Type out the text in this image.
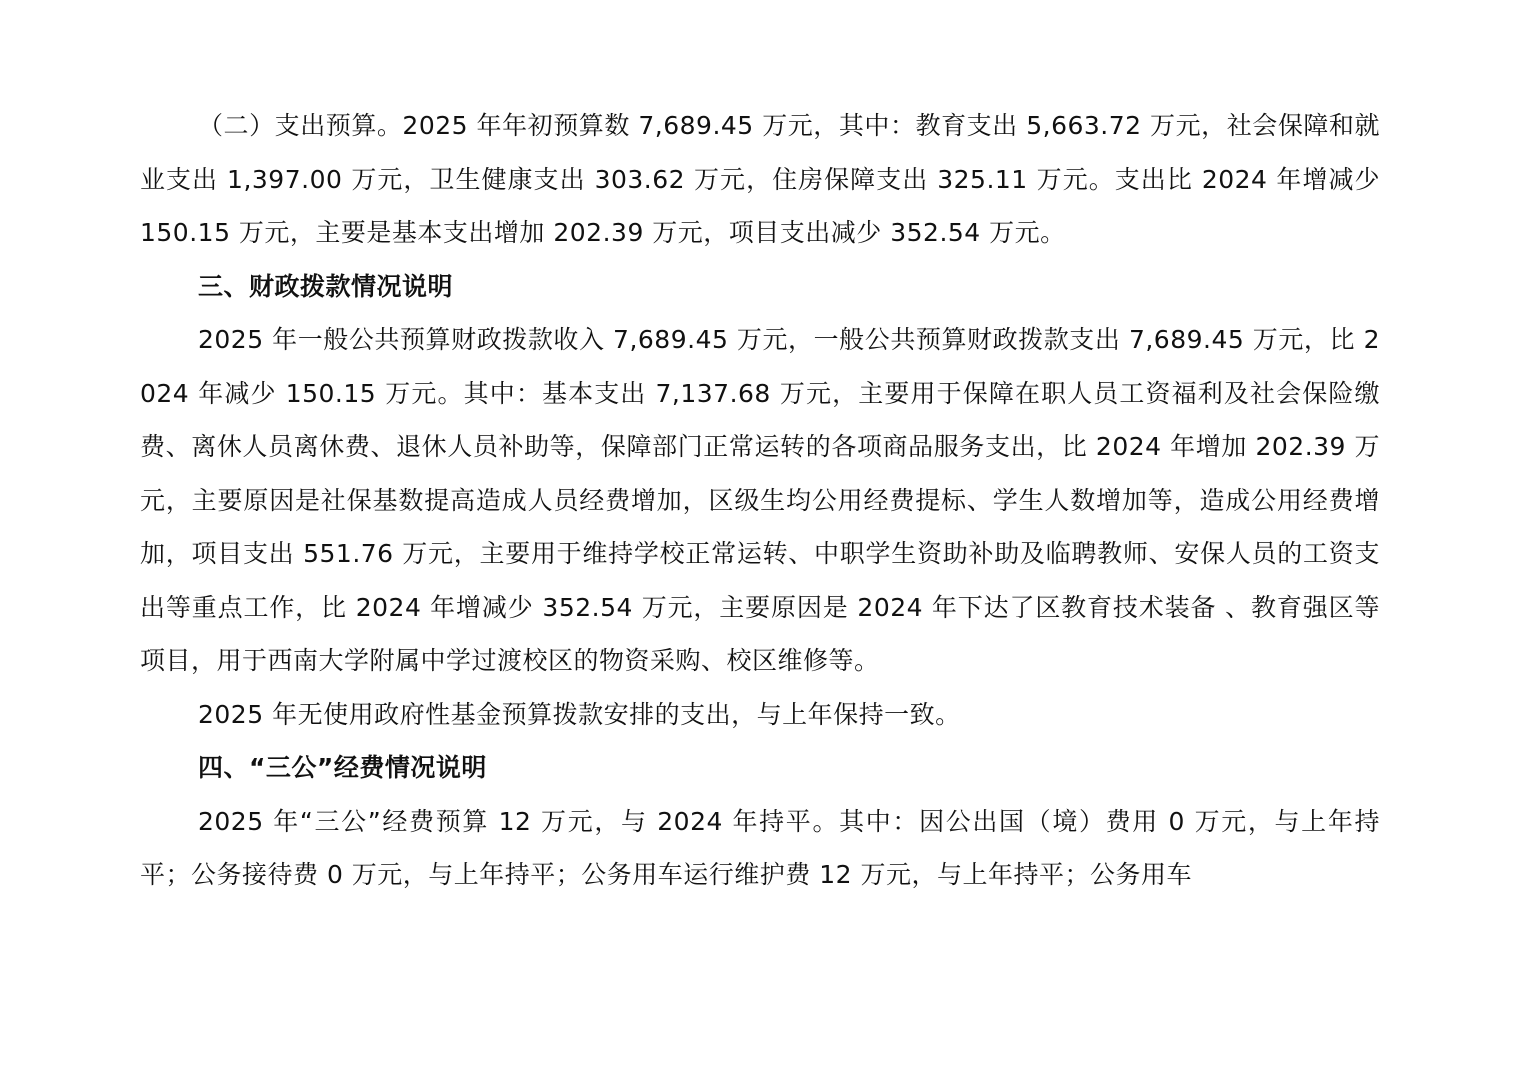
（二）支出预算。2025 年年初预算数 7,689.45 万元，其中：教育支出 5,663.72 万元，社会保障和就业支出 1,397.00 万元，卫生健康支出 303.62 万元，住房保障支出 325.11 万元。支出比 2024 年增减少 150.15 万元，主要是基本支出增加 202.39 万元，项目支出减少 352.54 万元。

三、财政拨款情况说明

2025 年一般公共预算财政拨款收入 7,689.45 万元，一般公共预算财政拨款支出 7,689.45 万元，比 2024 年减少 150.15 万元。其中：基本支出 7,137.68 万元，主要用于保障在职人员工资福利及社会保险缴费、离休人员离休费、退休人员补助等，保障部门正常运转的各项商品服务支出，比 2024 年增加 202.39 万元，主要原因是社保基数提高造成人员经费增加，区级生均公用经费提标、学生人数增加等，造成公用经费增加，项目支出 551.76 万元，主要用于维持学校正常运转、中职学生资助补助及临聘教师、安保人员的工资支出等重点工作，比 2024 年增减少 352.54 万元，主要原因是 2024 年下达了区教育技术装备 、教育强区等项目，用于西南大学附属中学过渡校区的物资采购、校区维修等。

2025 年无使用政府性基金预算拨款安排的支出，与上年保持一致。

四、“三公”经费情况说明

2025 年“三公”经费预算 12 万元，与 2024 年持平。其中：因公出国（境）费用 0 万元，与上年持平；公务接待费 0 万元，与上年持平；公务用车运行维护费 12 万元，与上年持平；公务用车
